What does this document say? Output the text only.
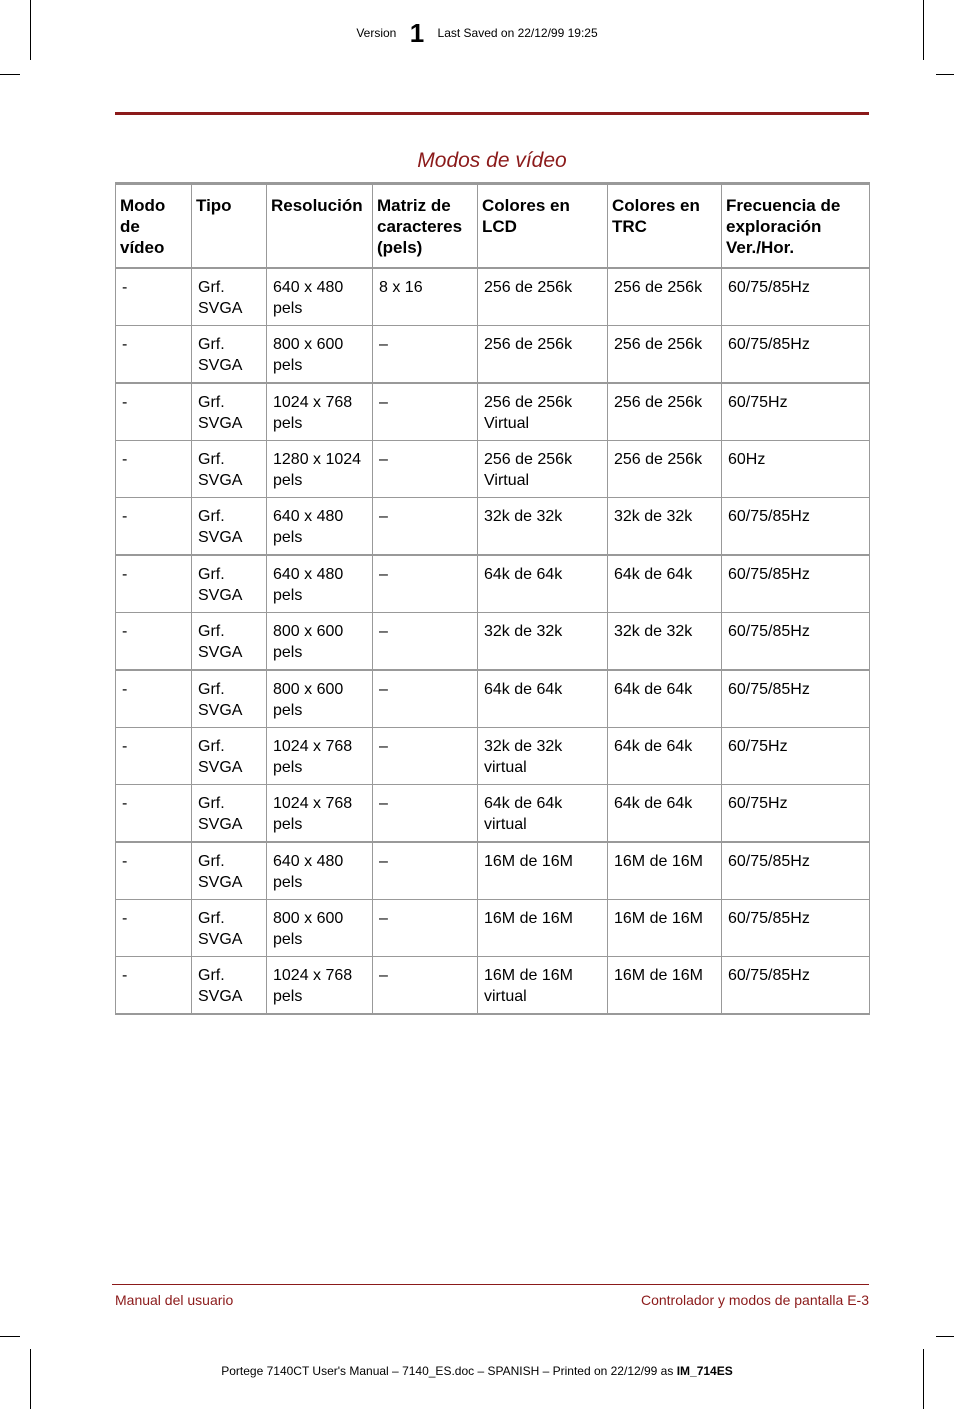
Version 1 Last Saved on 22/12/99 19:25
Modos de vídeo
Modo
de
vídeo	Tipo	Resolución	Matriz de
caracteres
(pels)	Colores en
LCD	Colores en
TRC	Frecuencia de
exploración
Ver./Hor.
-	Grf.
SVGA	640 x 480
pels	8 x 16	256 de 256k	256 de 256k	60/75/85Hz
-	Grf.
SVGA	800 x 600
pels	–	256 de 256k	256 de 256k	60/75/85Hz
-	Grf.
SVGA	1024 x 768
pels	–	256 de 256k
Virtual	256 de 256k	60/75Hz
-	Grf.
SVGA	1280 x 1024
pels	–	256 de 256k
Virtual	256 de 256k	60Hz
-	Grf.
SVGA	640 x 480
pels	–	32k de 32k	32k de 32k	60/75/85Hz
-	Grf.
SVGA	640 x 480
pels	–	64k de 64k	64k de 64k	60/75/85Hz
-	Grf.
SVGA	800 x 600
pels	–	32k de 32k	32k de 32k	60/75/85Hz
-	Grf.
SVGA	800 x 600
pels	–	64k de 64k	64k de 64k	60/75/85Hz
-	Grf.
SVGA	1024 x 768
pels	–	32k de 32k
virtual	64k de 64k	60/75Hz
-	Grf.
SVGA	1024 x 768
pels	–	64k de 64k
virtual	64k de 64k	60/75Hz
-	Grf.
SVGA	640 x 480
pels	–	16M de 16M	16M de 16M	60/75/85Hz
-	Grf.
SVGA	800 x 600
pels	–	16M de 16M	16M de 16M	60/75/85Hz
-	Grf.
SVGA	1024 x 768
pels	–	16M de 16M
virtual	16M de 16M	60/75/85Hz
Manual del usuario	Controlador y modos de pantalla E-3
Portege 7140CT User's Manual – 7140_ES.doc – SPANISH – Printed on 22/12/99 as IM_714ES
